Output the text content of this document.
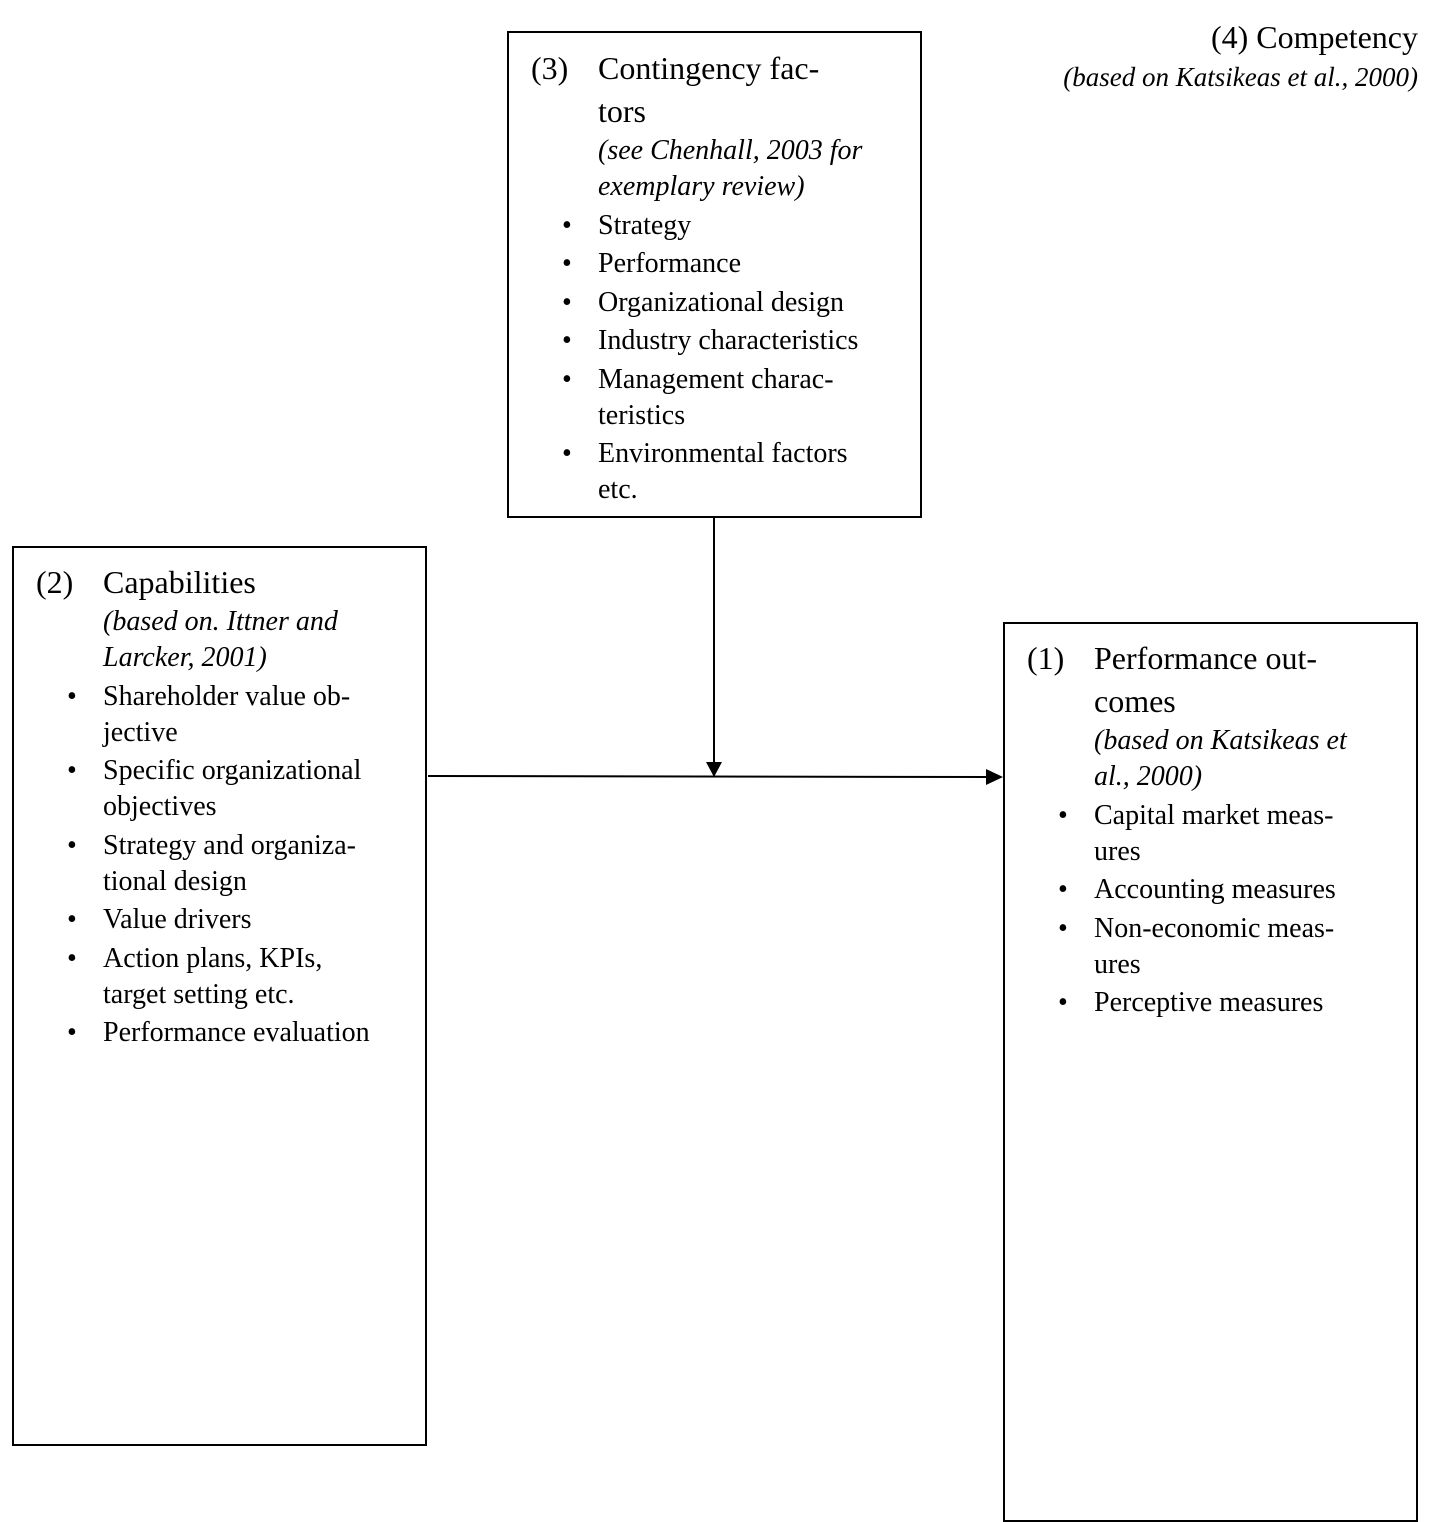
(4) Competency
(based on Katsikeas et al., 2000)
(3) Contingency fac-
tors
(see Chenhall, 2003 for
exemplary review)
• Strategy
• Performance
• Organizational design
• Industry characteristics
• Management charac-
teristics
• Environmental factors
etc.
(2) Capabilities
(based on. Ittner and
Larcker, 2001)
• Shareholder value ob-
jective
• Specific organizational
objectives
• Strategy and organiza-
tional design
• Value drivers
• Action plans, KPIs,
target setting etc.
• Performance evaluation
(1) Performance out-
comes
(based on Katsikeas et
al., 2000)
• Capital market meas-
ures
• Accounting measures
• Non-economic meas-
ures
• Perceptive measures
